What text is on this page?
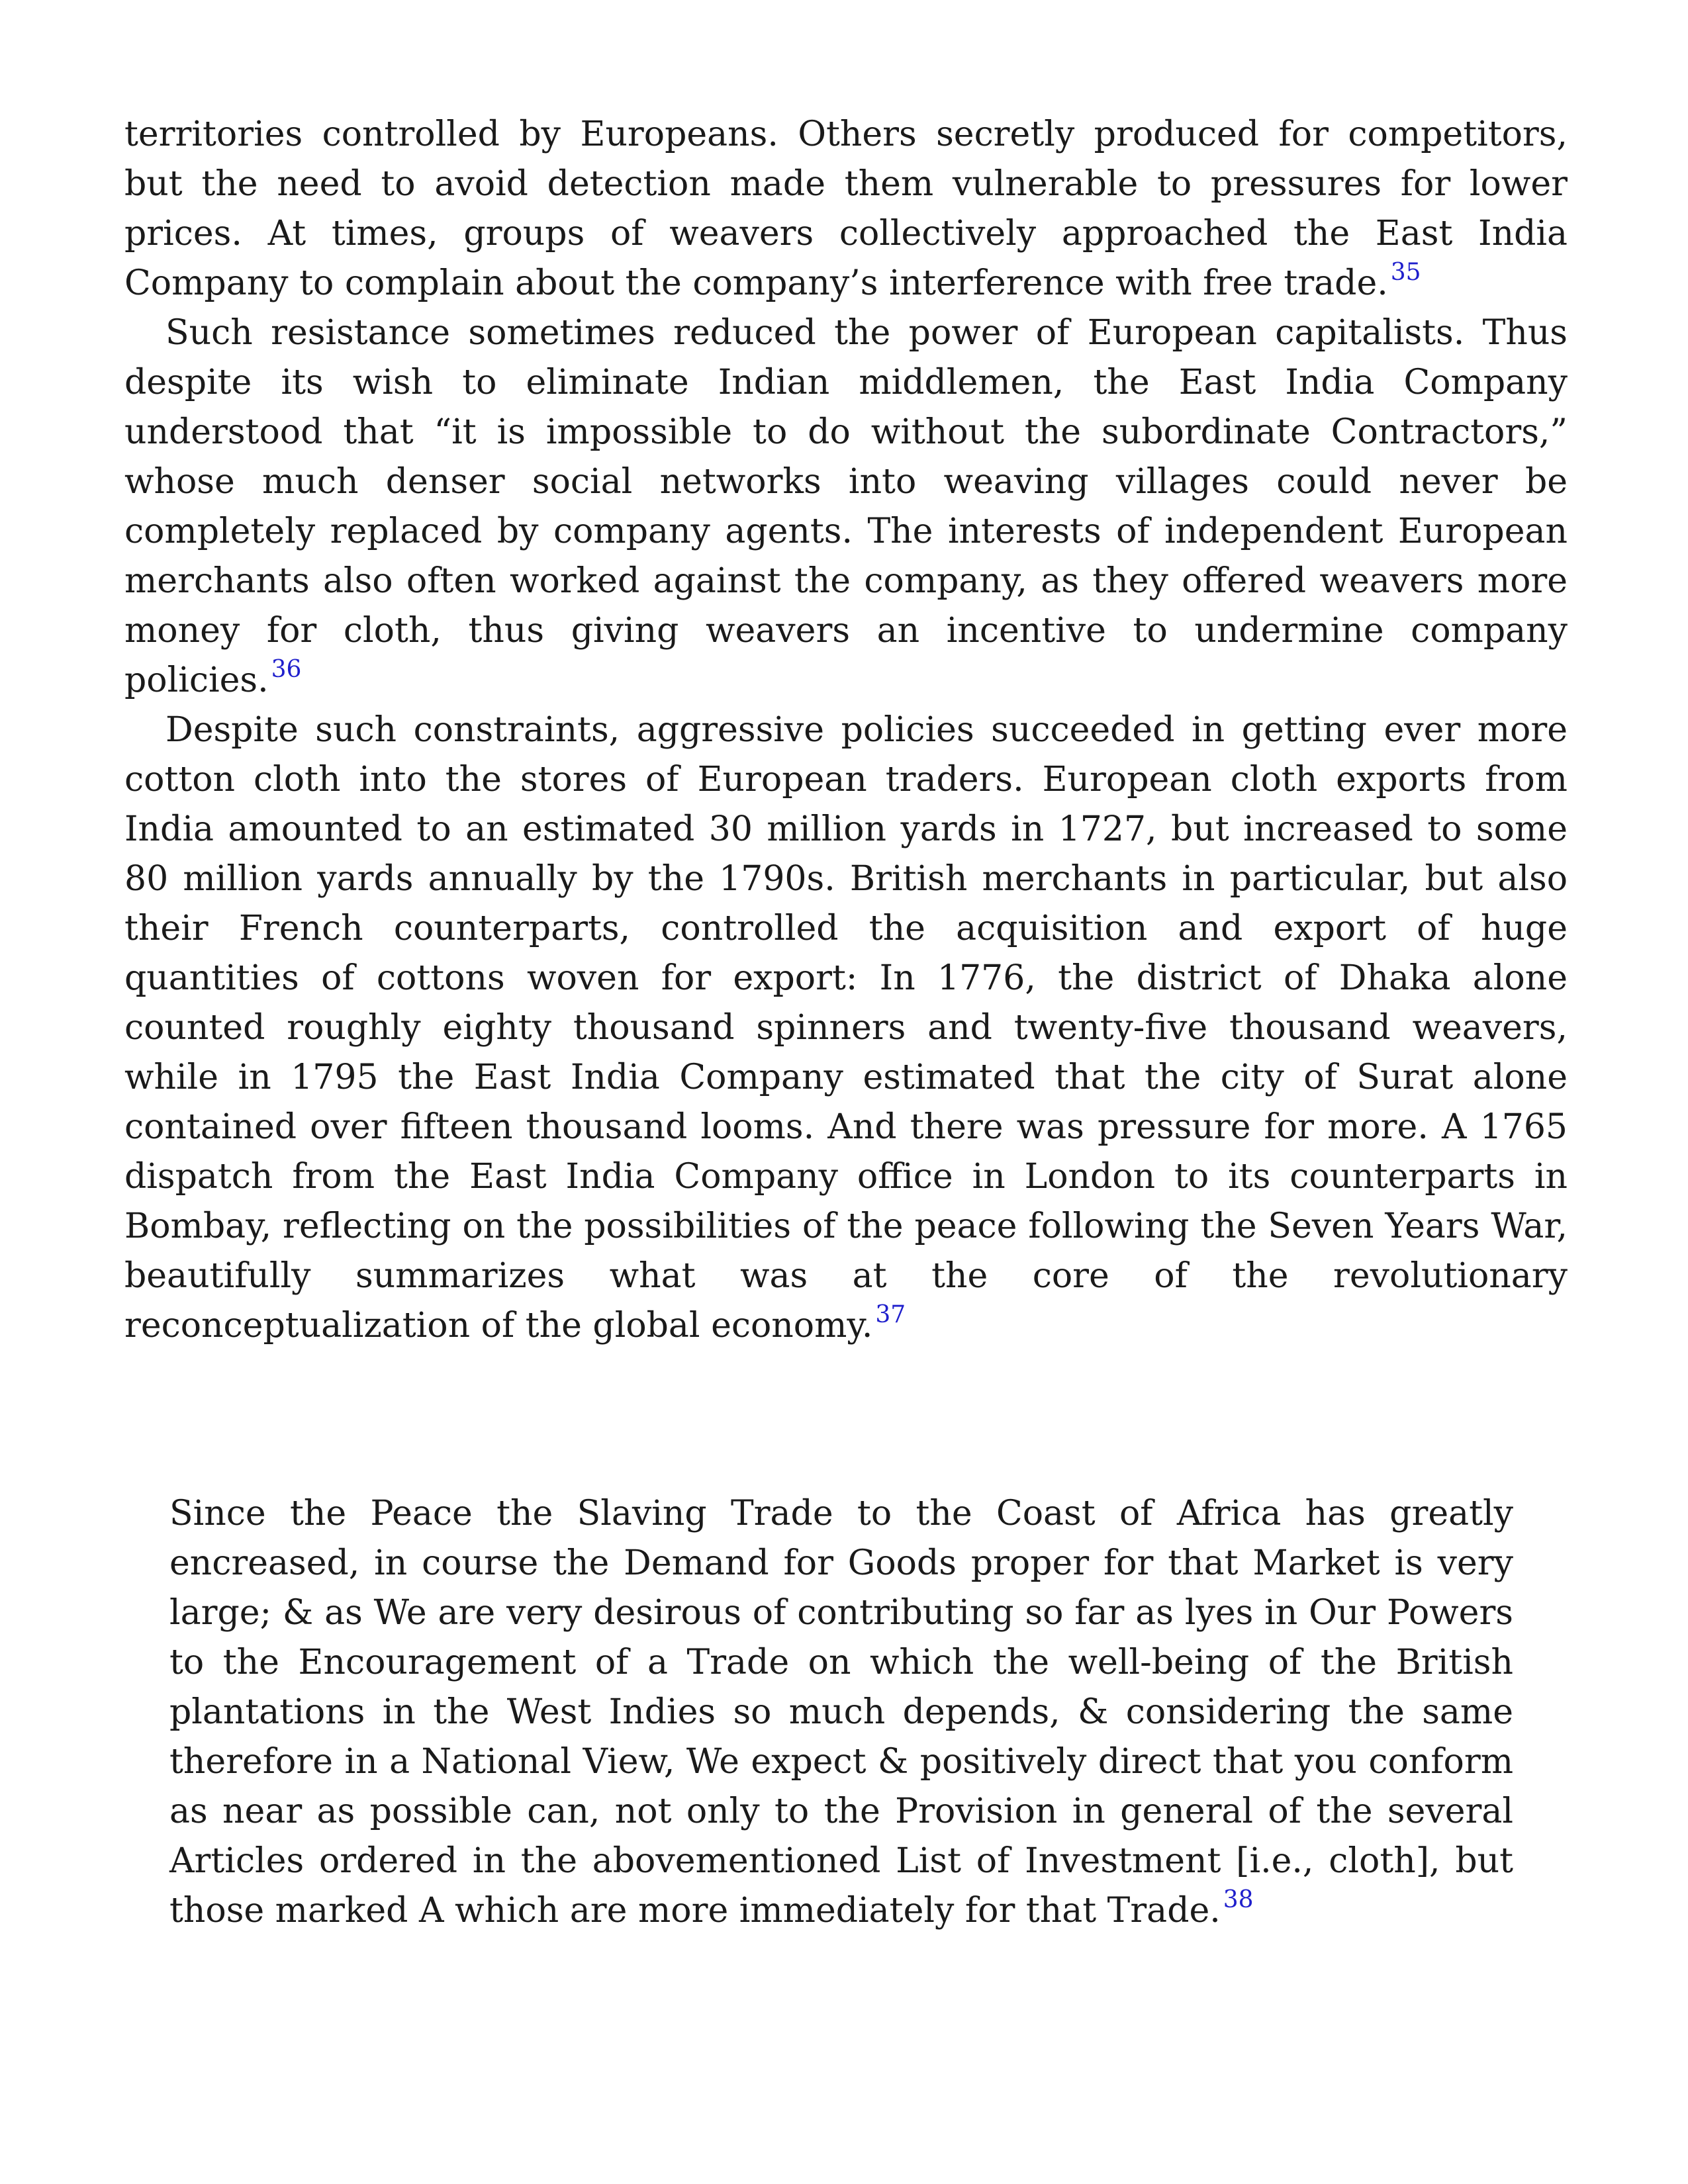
territories controlled by Europeans. Others secretly produced for competitors, but the need to avoid detection made them vulnerable to pressures for lower prices. At times, groups of weavers collectively approached the East India Company to complain about the company’s interference with free trade. $^{35}$

Such resistance sometimes reduced the power of European capitalists. Thus despite its wish to eliminate Indian middlemen, the East India Company understood that “it is impossible to do without the subordinate Contractors,” whose much denser social networks into weaving villages could never be completely replaced by company agents. The interests of independent European merchants also often worked against the company, as they offered weavers more money for cloth, thus giving weavers an incentive to undermine company policies. $^{36}$

Despite such constraints, aggressive policies succeeded in getting ever more cotton cloth into the stores of European traders. European cloth exports from India amounted to an estimated 30 million yards in 1727, but increased to some 80 million yards annually by the 1790s. British merchants in particular, but also their French counterparts, controlled the acquisition and export of huge quantities of cottons woven for export: In 1776, the district of Dhaka alone counted roughly eighty thousand spinners and twenty-five thousand weavers, while in 1795 the East India Company estimated that the city of Surat alone contained over fifteen thousand looms. And there was pressure for more. A 1765 dispatch from the East India Company office in London to its counterparts in Bombay, reflecting on the possibilities of the peace following the Seven Years War, beautifully summarizes what was at the core of the revolutionary reconceptualization of the global economy. $^{37}$

Since the Peace the Slaving Trade to the Coast of Africa has greatly encreased, in course the Demand for Goods proper for that Market is very large; & as We are very desirous of contributing so far as lyes in Our Powers to the Encouragement of a Trade on which the well-being of the British plantations in the West Indies so much depends, & considering the same therefore in a National View, We expect & positively direct that you conform as near as possible can, not only to the Provision in general of the several Articles ordered in the abovementioned List of Investment [i.e., cloth], but those marked A which are more immediately for that Trade. $^{38}$
